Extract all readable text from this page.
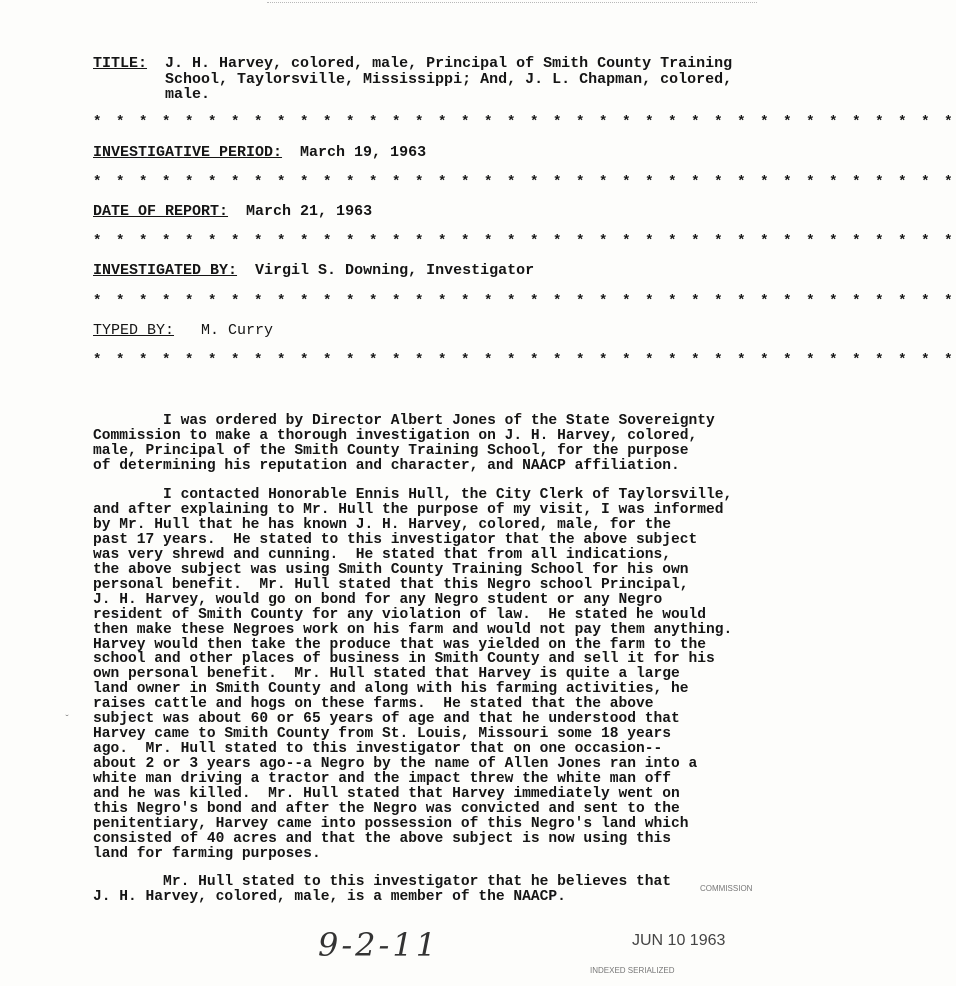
TITLE: J. H. Harvey, colored, male, Principal of Smith County Training
School, Taylorsville, Mississippi; And, J. L. Chapman, colored,
male.
* * * * * * * * * * * * * * * * * * * * * * * * * * * * * * * * * * * * * *
INVESTIGATIVE PERIOD: March 19, 1963
* * * * * * * * * * * * * * * * * * * * * * * * * * * * * * * * * * * * * *
DATE OF REPORT: March 21, 1963
* * * * * * * * * * * * * * * * * * * * * * * * * * * * * * * * * * * * * *
INVESTIGATED BY: Virgil S. Downing, Investigator
* * * * * * * * * * * * * * * * * * * * * * * * * * * * * * * * * * * * * *
TYPED BY: M. Curry
* * * * * * * * * * * * * * * * * * * * * * * * * * * * * * * * * * * * * *
I was ordered by Director Albert Jones of the State Sovereignty
Commission to make a thorough investigation on J. H. Harvey, colored,
male, Principal of the Smith County Training School, for the purpose
of determining his reputation and character, and NAACP affiliation.
I contacted Honorable Ennis Hull, the City Clerk of Taylorsville,
and after explaining to Mr. Hull the purpose of my visit, I was informed
by Mr. Hull that he has known J. H. Harvey, colored, male, for the
past 17 years.  He stated to this investigator that the above subject
was very shrewd and cunning.  He stated that from all indications,
the above subject was using Smith County Training School for his own
personal benefit.  Mr. Hull stated that this Negro school Principal,
J. H. Harvey, would go on bond for any Negro student or any Negro
resident of Smith County for any violation of law.  He stated he would
then make these Negroes work on his farm and would not pay them anything.
Harvey would then take the produce that was yielded on the farm to the
school and other places of business in Smith County and sell it for his
own personal benefit.  Mr. Hull stated that Harvey is quite a large
land owner in Smith County and along with his farming activities, he
raises cattle and hogs on these farms.  He stated that the above
subject was about 60 or 65 years of age and that he understood that
Harvey came to Smith County from St. Louis, Missouri some 18 years
ago.  Mr. Hull stated to this investigator that on one occasion--
about 2 or 3 years ago--a Negro by the name of Allen Jones ran into a
white man driving a tractor and the impact threw the white man off
and he was killed.  Mr. Hull stated that Harvey immediately went on
this Negro's bond and after the Negro was convicted and sent to the
penitentiary, Harvey came into possession of this Negro's land which
consisted of 40 acres and that the above subject is now using this
land for farming purposes.
Mr. Hull stated to this investigator that he believes that
J. H. Harvey, colored, male, is a member of the NAACP.
ˇ
COMMISSION
9-2-11	JUN 10 1963
INDEXED SERIALIZED
